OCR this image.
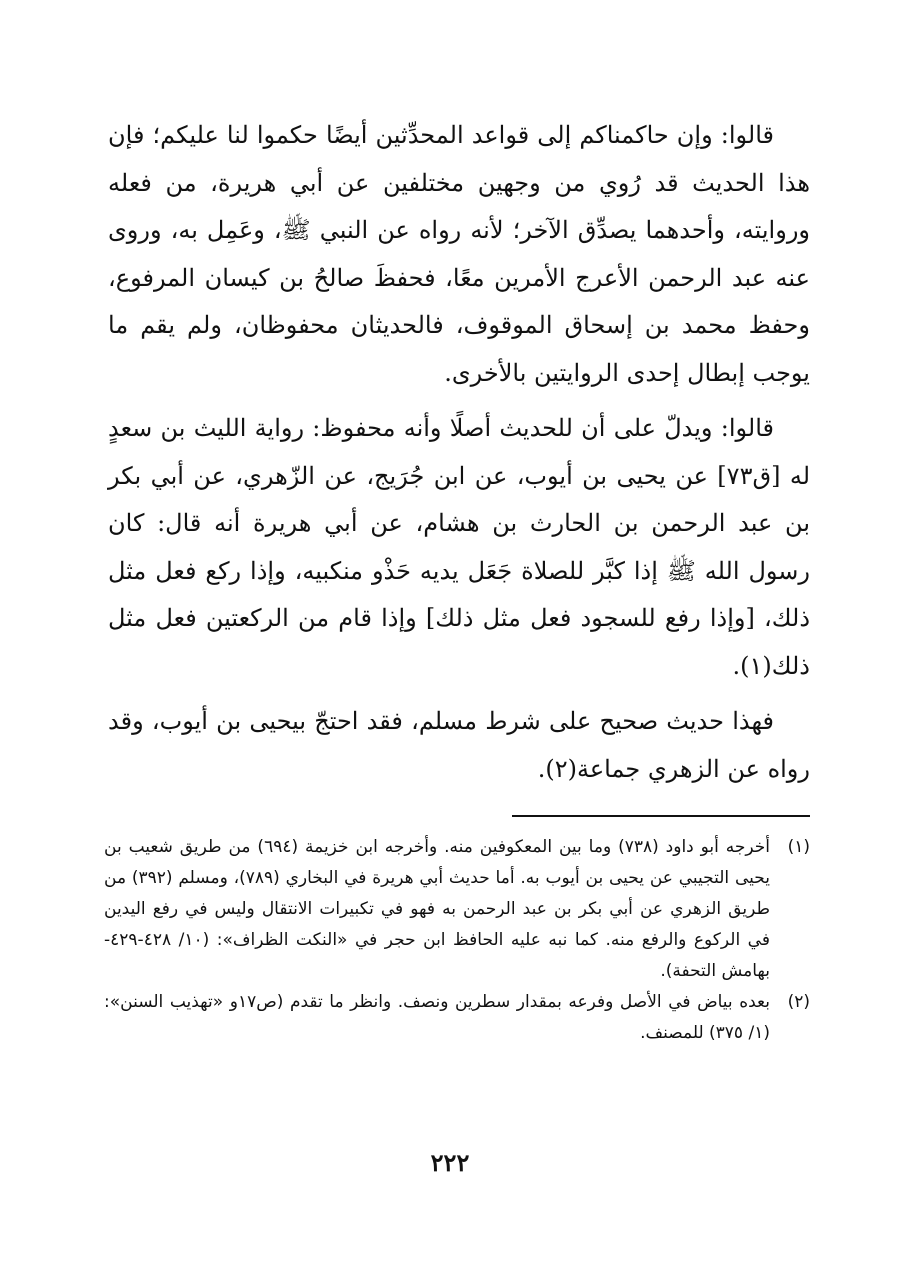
قالوا: وإن حاكمناكم إلى قواعد المحدِّثين أيضًا حكموا لنا عليكم؛ فإن هذا الحديث قد رُوي من وجهين مختلفين عن أبي هريرة، من فعله وروايته، وأحدهما يصدِّق الآخر؛ لأنه رواه عن النبي ﷺ، وعَمِل به، وروى عنه عبد الرحمن الأعرج الأمرين معًا، فحفظَ صالحُ بن كيسان المرفوع، وحفظ محمد بن إسحاق الموقوف، فالحديثان محفوظان، ولم يقم ما يوجب إبطال إحدى الروايتين بالأخرى.

قالوا: ويدلّ على أن للحديث أصلًا وأنه محفوظ: رواية الليث بن سعدٍ له [ق٧٣] عن يحيى بن أيوب، عن ابن جُرَيج، عن الزّهري، عن أبي بكر بن عبد الرحمن بن الحارث بن هشام، عن أبي هريرة أنه قال: كان رسول الله ﷺ إذا كبَّر للصلاة جَعَل يديه حَذْو منكبيه، وإذا ركع فعل مثل ذلك، [وإذا رفع للسجود فعل مثل ذلك] وإذا قام من الركعتين فعل مثل ذلك(١).

فهذا حديث صحيح على شرط مسلم، فقد احتجّ بيحيى بن أيوب، وقد رواه عن الزهري جماعة(٢).

(١)

أخرجه أبو داود (٧٣٨) وما بين المعكوفين منه. وأخرجه ابن خزيمة (٦٩٤) من طريق شعيب بن يحيى التجيبي عن يحيى بن أيوب به. أما حديث أبي هريرة في البخاري (٧٨٩)، ومسلم (٣٩٢) من طريق الزهري عن أبي بكر بن عبد الرحمن به فهو في تكبيرات الانتقال وليس في رفع اليدين في الركوع والرفع منه. كما نبه عليه الحافظ ابن حجر في «النكت الظراف»: (١٠/ ٤٢٨-٤٢٩- بهامش التحفة).

(٢)

بعده بياض في الأصل وفرعه بمقدار سطرين ونصف. وانظر ما تقدم (ص١٧و «تهذيب السنن»: (١/ ٣٧٥) للمصنف.

٢٢٢
